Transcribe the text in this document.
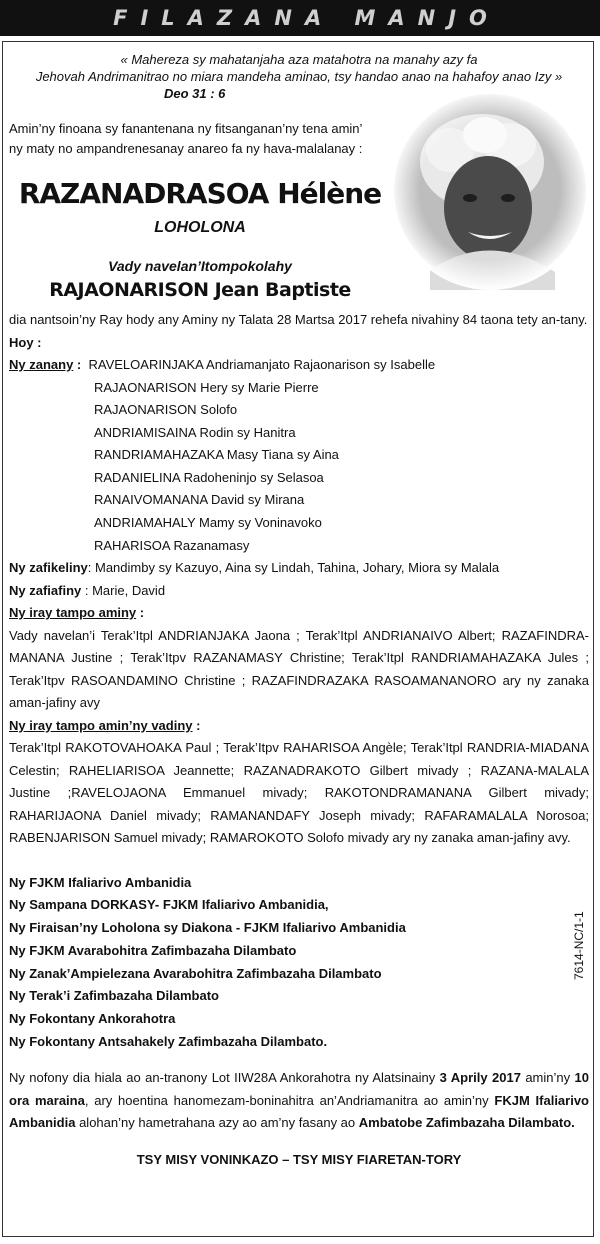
FILAZANA MANJO
« Mahereza sy mahatanjaha aza matahotra na manahy azy fa
Jehovah Andrimanitrao no miara mandeha aminao, tsy handao anao na hahafoy anao Izy »
Deo 31 : 6
Amin’ny finoana sy fanantenana ny fitsanganan’ny tena amin’
ny maty no ampandrenesanay anareo fa ny hava-malalanay :
RAZANADRASOA Hélène
LOHOLONA
Vady navelan’Itompokolahy
RAJAONARISON Jean Baptiste
dia nantsoin’ny Ray hody any Aminy ny Talata 28 Martsa 2017 rehefa nivahiny 84 taona tety an-tany.
Hoy :
Ny zanany :  RAVELOARINJAKA Andriamanjato Rajaonarison sy Isabelle
RAJAONARISON Hery sy Marie Pierre
RAJAONARISON Solofo
ANDRIAMISAINA Rodin sy Hanitra
RANDRIAMAHAZAKA Masy Tiana sy Aina
RADANIELINA Radoheninjo sy Selasoa
RANAIVOMANANA David sy Mirana
ANDRIAMAHALY Mamy sy Voninavoko
RAHARISOA Razanamasy
Ny zafikeliny: Mandimby sy Kazuyo, Aina sy Lindah, Tahina, Johary, Miora sy Malala
Ny zafiafiny : Marie, David
Ny iray tampo aminy :
Vady navelan’i Terak’Itpl ANDRIANJAKA Jaona ; Terak’Itpl ANDRIANAIVO Albert; RAZAFINDRA-MANANA Justine ; Terak’Itpv RAZANAMASY Christine; Terak’Itpl RANDRIAMAHAZAKA Jules ; Terak’Itpv RASOANDAMINO Christine ; RAZAFINDRAZAKA RASOAMANANORO ary ny zanaka aman-jafiny avy
Ny iray tampo amin’ny vadiny :
Terak’Itpl RAKOTOVAHOAKA Paul ; Terak’Itpv RAHARISOA Angèle; Terak’Itpl RANDRIA-MIADANA Celestin; RAHELIARISOA Jeannette; RAZANADRAKOTO Gilbert mivady ; RAZANA-MALALA Justine ;RAVELOJAONA Emmanuel mivady; RAKOTONDRAMANANA Gilbert mivady; RAHARIJAONA Daniel mivady; RAMANANDAFY Joseph mivady; RAFARAMALALA Norosoa; RABENJARISON Samuel mivady; RAMAROKOTO Solofo mivady ary ny zanaka aman-jafiny avy.
Ny FJKM Ifaliarivo Ambanidia
Ny Sampana DORKASY- FJKM Ifaliarivo Ambanidia,
Ny Firaisan’ny Loholona sy Diakona - FJKM Ifaliarivo Ambanidia
Ny FJKM Avarabohitra Zafimbazaha Dilambato
Ny Zanak’Ampielezana Avarabohitra Zafimbazaha Dilambato
Ny Terak’i Zafimbazaha Dilambato
Ny Fokontany Ankorahotra
Ny Fokontany Antsahakely Zafimbazaha Dilambato.
Ny nofony dia hiala ao an-tranony Lot IIW28A Ankorahotra ny Alatsinainy 3 Aprily 2017 amin’ny 10 ora maraina, ary hoentina hanomezam-boninahitra an’Andriamanitra ao amin’ny FKJM Ifaliarivo Ambanidia alohan’ny hametrahana azy ao am’ny fasany ao Ambatobe Zafimbazaha Dilambato.
TSY MISY VONINKAZO – TSY MISY FIARETAN-TORY
7614-NC/1-1
